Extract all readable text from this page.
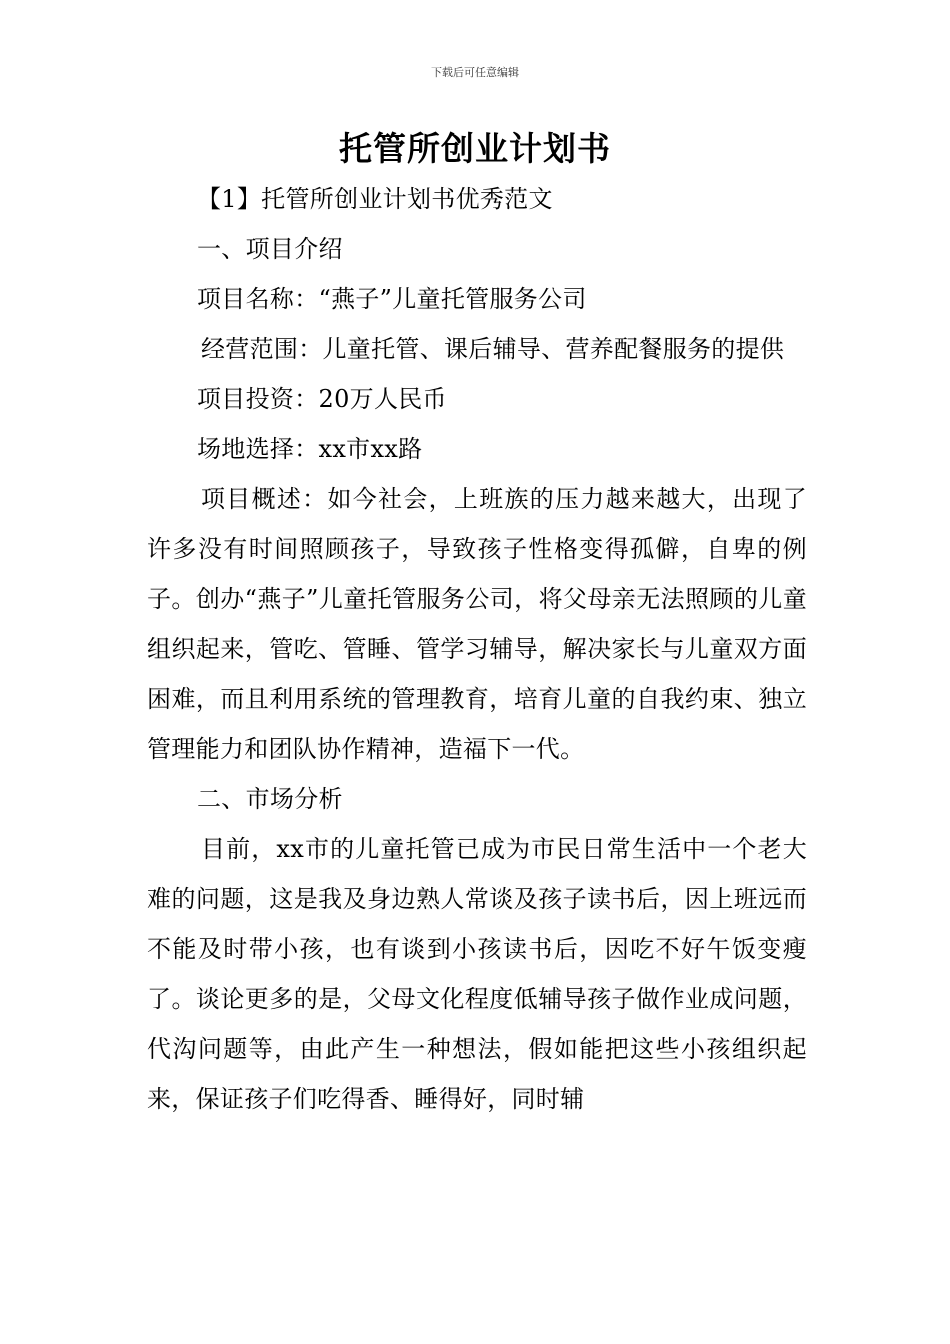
下载后可任意编辑
托管所创业计划书

【1】托管所创业计划书优秀范文

一、项目介绍

项目名称：“燕子”儿童托管服务公司

经营范围：儿童托管、课后辅导、营养配餐服务的提供

项目投资：20万人民币

场地选择：xx市xx路

项目概述：如今社会，上班族的压力越来越大，出现了许多没有时间照顾孩子，导致孩子性格变得孤僻，自卑的例子。创办“燕子”儿童托管服务公司，将父母亲无法照顾的儿童组织起来，管吃、管睡、管学习辅导，解决家长与儿童双方面困难，而且利用系统的管理教育，培育儿童的自我约束、独立管理能力和团队协作精神，造福下一代。

二、市场分析

目前，xx市的儿童托管已成为市民日常生活中一个老大难的问题，这是我及身边熟人常谈及孩子读书后，因上班远而不能及时带小孩，也有谈到小孩读书后，因吃不好午饭变瘦了。谈论更多的是，父母文化程度低辅导孩子做作业成问题，代沟问题等，由此产生一种想法，假如能把这些小孩组织起来，保证孩子们吃得香、睡得好，同时辅
